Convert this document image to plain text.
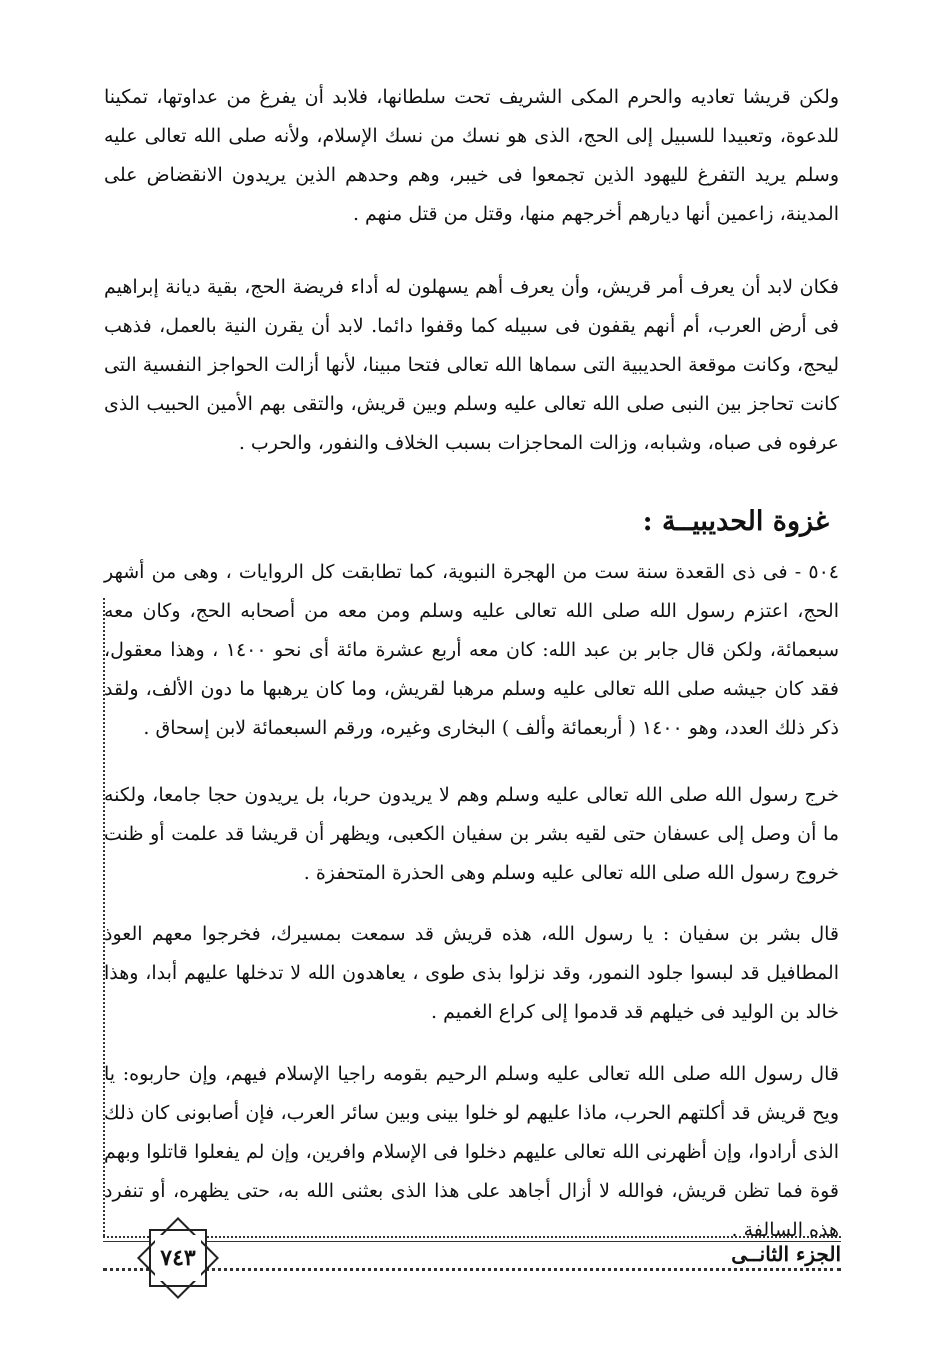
ولكن قريشا تعاديه والحرم المكى الشريف تحت سلطانها، فلابد أن يفرغ من عداوتها، تمكينا للدعوة، وتعبيدا للسبيل إلى الحج، الذى هو نسك من نسك الإسلام، ولأنه صلى الله تعالى عليه وسلم يريد التفرغ لليهود الذين تجمعوا فى خيبر، وهم وحدهم الذين يريدون الانقضاض على المدينة، زاعمين أنها ديارهم أخرجهم منها، وقتل من قتل منهم .

فكان لابد أن يعرف أمر قريش، وأن يعرف أهم يسهلون له أداء فريضة الحج، بقية ديانة إبراهيم فى أرض العرب، أم أنهم يقفون فى سبيله كما وقفوا دائما. لابد أن يقرن النية بالعمل، فذهب ليحج، وكانت موقعة الحديبية التى سماها الله تعالى فتحا مبينا، لأنها أزالت الحواجز النفسية التى كانت تحاجز بين النبى صلى الله تعالى عليه وسلم وبين قريش، والتقى بهم الأمين الحبيب الذى عرفوه فى صباه، وشبابه، وزالت المحاجزات بسبب الخلاف والنفور، والحرب .

غزوة الحديبيــة :

٥٠٤ - فى ذى القعدة سنة ست من الهجرة النبوية، كما تطابقت كل الروايات ، وهى من أشهر الحج، اعتزم رسول الله صلى الله تعالى عليه وسلم ومن معه من أصحابه الحج، وكان معه سبعمائة، ولكن قال جابر بن عبد الله: كان معه أربع عشرة مائة أى نحو ١٤٠٠ ، وهذا معقول، فقد كان جيشه صلى الله تعالى عليه وسلم مرهبا لقريش، وما كان يرهبها ما دون الألف، ولقد ذكر ذلك العدد، وهو ١٤٠٠ ( أربعمائة وألف ) البخارى وغيره، ورقم السبعمائة لابن إسحاق .

خرج رسول الله صلى الله تعالى عليه وسلم وهم لا يريدون حربا، بل يريدون حجا جامعا، ولكنه ما أن وصل إلى عسفان حتى لقيه بشر بن سفيان الكعبى، ويظهر أن قريشا قد علمت أو ظنت خروج رسول الله صلى الله تعالى عليه وسلم وهى الحذرة المتحفزة .

قال بشر بن سفيان : يا رسول الله، هذه قريش قد سمعت بمسيرك، فخرجوا معهم العوذ المطافيل قد لبسوا جلود النمور، وقد نزلوا بذى طوى ، يعاهدون الله لا تدخلها عليهم أبدا، وهذا خالد بن الوليد فى خيلهم قد قدموا إلى كراع الغميم .

قال رسول الله صلى الله تعالى عليه وسلم الرحيم بقومه راجيا الإسلام فيهم، وإن حاربوه: يا ويح قريش قد أكلتهم الحرب، ماذا عليهم لو خلوا بينى وبين سائر العرب، فإن أصابونى كان ذلك الذى أرادوا، وإن أظهرنى الله تعالى عليهم دخلوا فى الإسلام وافرين، وإن لم يفعلوا قاتلوا وبهم قوة فما تظن قريش، فوالله لا أزال أجاهد على هذا الذى بعثنى الله به، حتى يظهره، أو تنفرد هذه السالفة .

٧٤٣	الجزء الثانــى
